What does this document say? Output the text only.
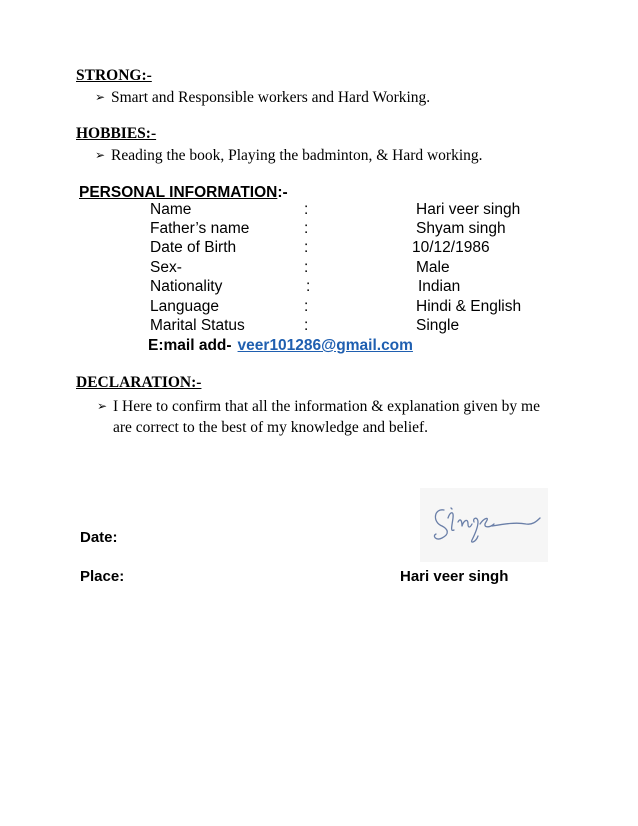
STRONG:-
➢ Smart and Responsible workers and Hard Working.
HOBBIES:-
➢ Reading the book, Playing the badminton, & Hard working.
PERSONAL INFORMATION:-
Name	:	Hari veer singh
Father’s name	:	Shyam singh
Date of Birth	:	10/12/1986
Sex-	:	Male
Nationality	:	Indian
Language	:	Hindi & English
Marital Status	:	Single
E:mail add- veer101286@gmail.com
DECLARATION:-
➢ I Here to confirm that all the information & explanation given by me
are correct to the best of my knowledge and belief.
Date:
Place:	Hari veer singh
